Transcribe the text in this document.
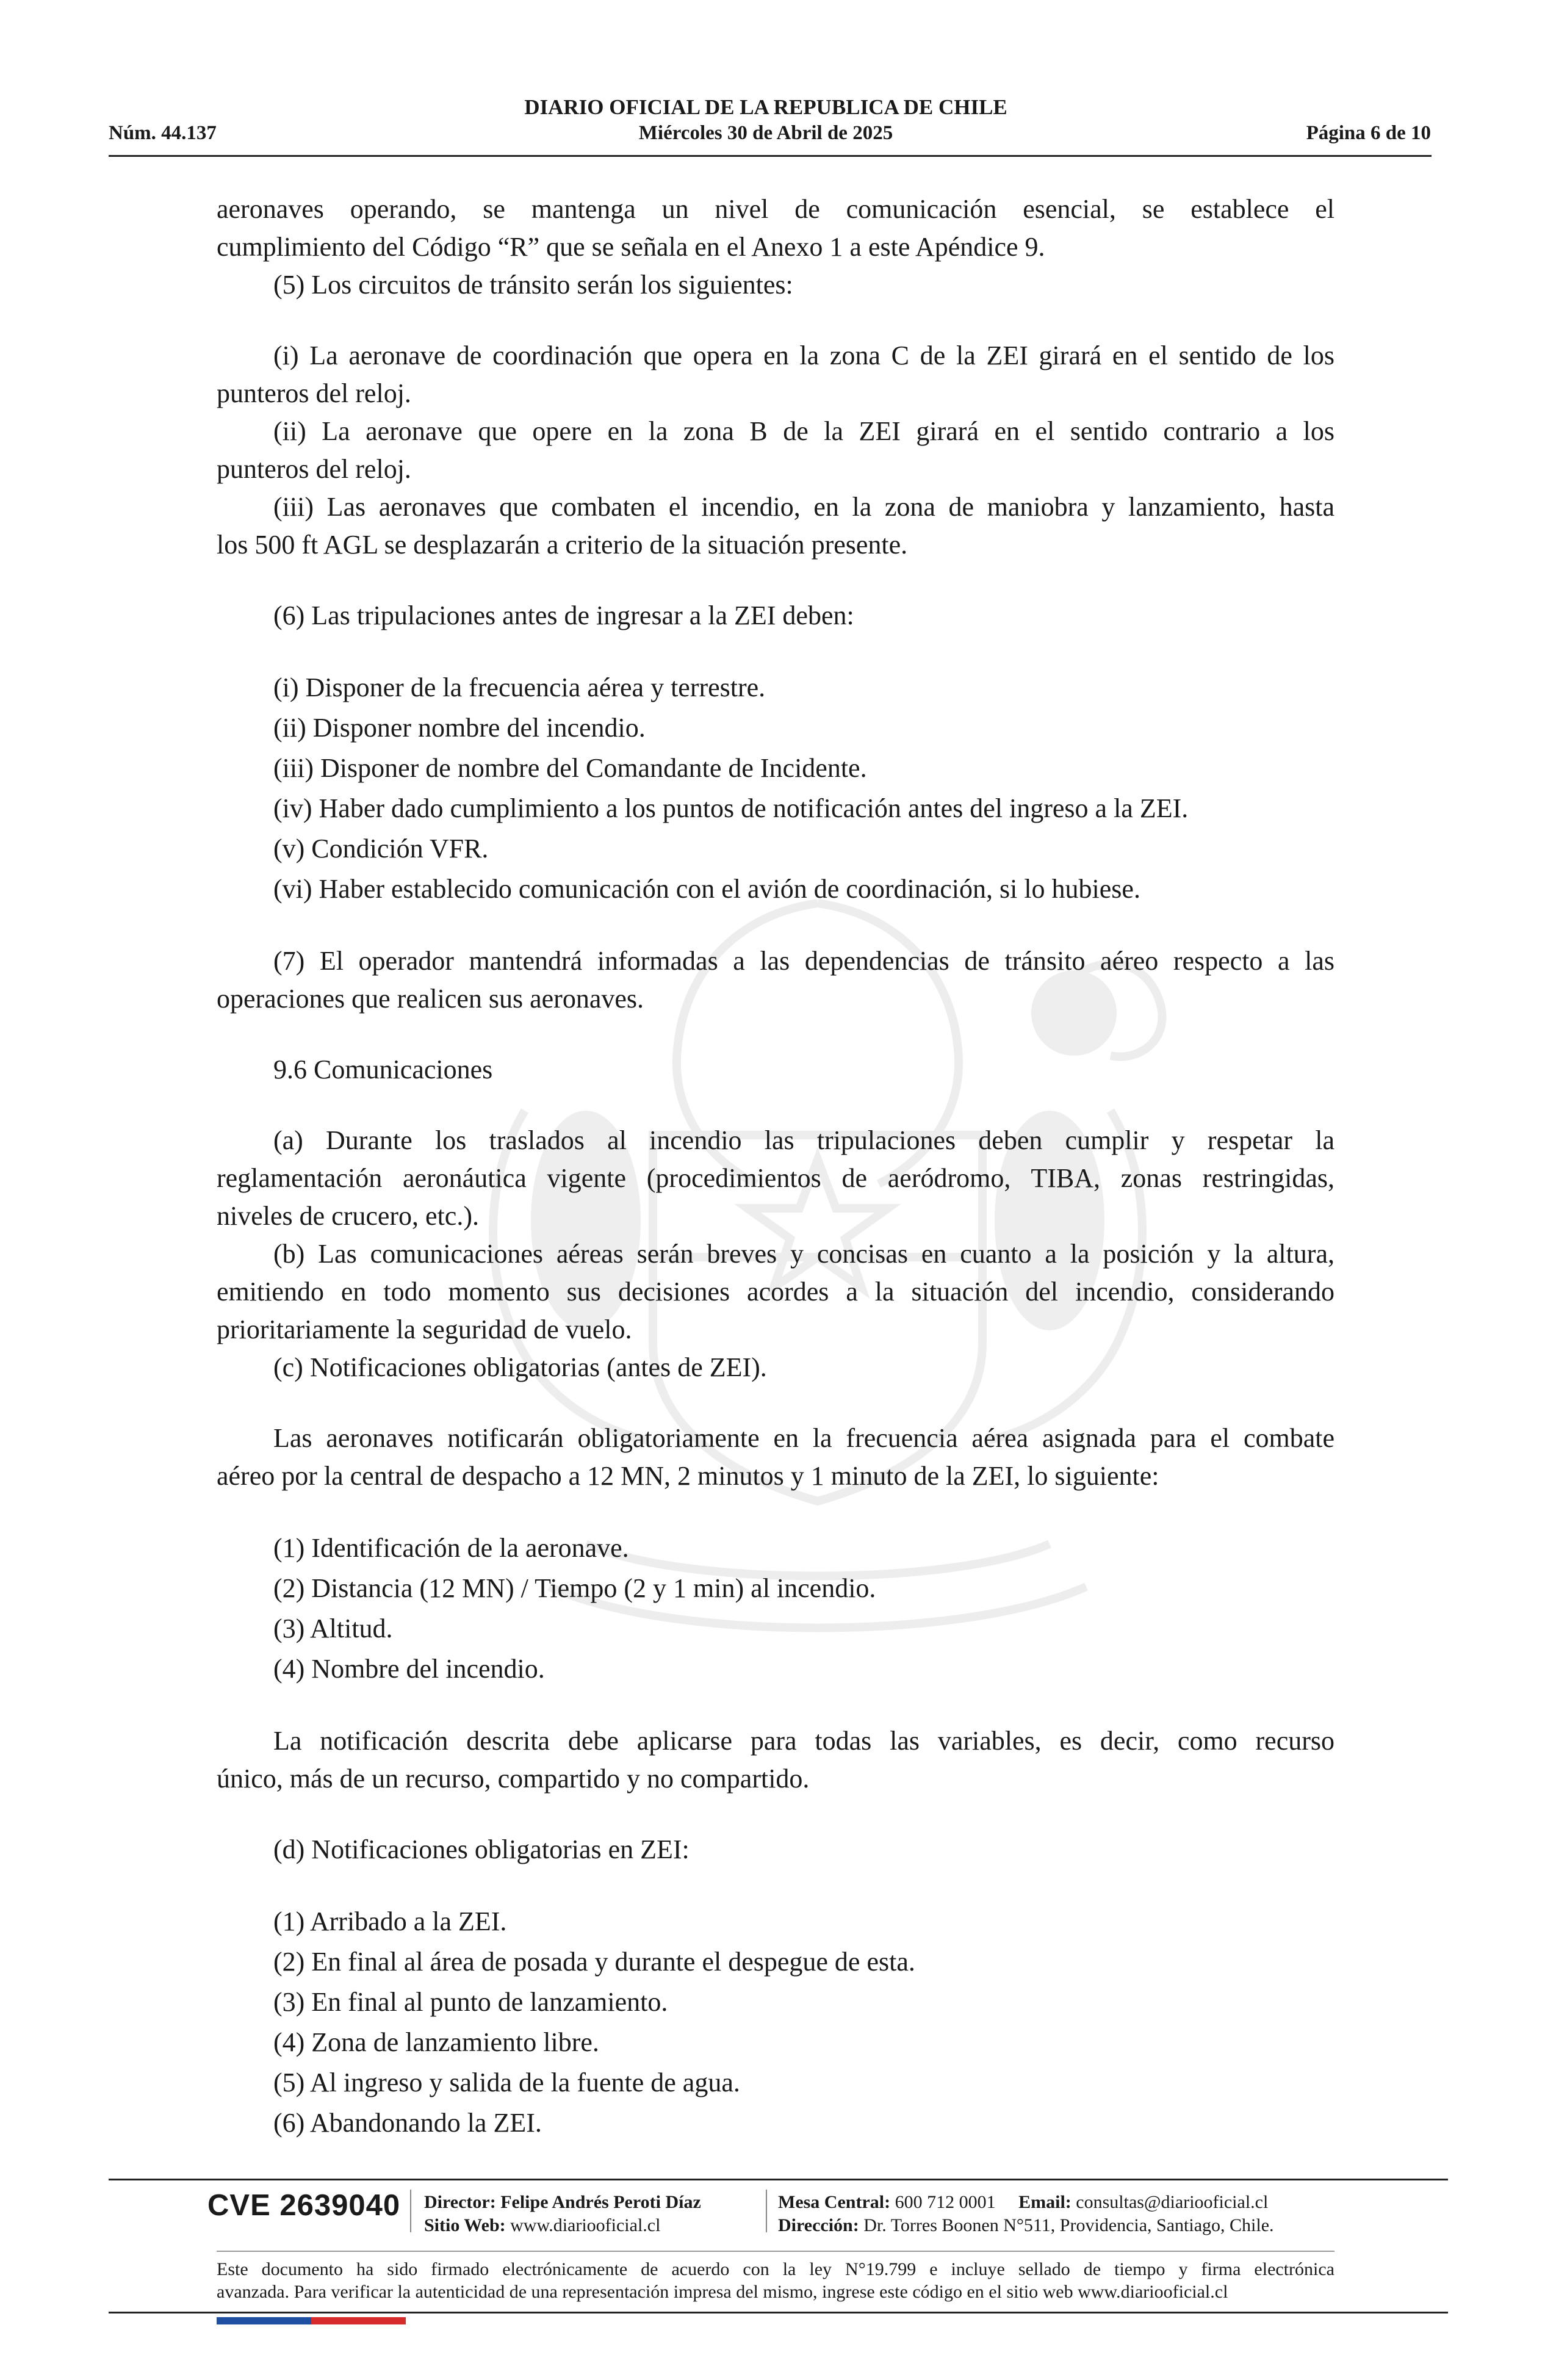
DIARIO OFICIAL DE LA REPUBLICA DE CHILE
Núm. 44.137	Miércoles 30 de Abril de 2025	Página 6 de 10

aeronaves operando, se mantenga un nivel de comunicación esencial, se establece el

cumplimiento del Código “R” que se señala en el Anexo 1 a este Apéndice 9.

(5) Los circuitos de tránsito serán los siguientes:

(i) La aeronave de coordinación que opera en la zona C de la ZEI girará en el sentido de los

punteros del reloj.

(ii) La aeronave que opere en la zona B de la ZEI girará en el sentido contrario a los

punteros del reloj.

(iii) Las aeronaves que combaten el incendio, en la zona de maniobra y lanzamiento, hasta

los 500 ft AGL se desplazarán a criterio de la situación presente.

(6) Las tripulaciones antes de ingresar a la ZEI deben:

(i) Disponer de la frecuencia aérea y terrestre.

(ii) Disponer nombre del incendio.

(iii) Disponer de nombre del Comandante de Incidente.

(iv) Haber dado cumplimiento a los puntos de notificación antes del ingreso a la ZEI.

(v) Condición VFR.

(vi) Haber establecido comunicación con el avión de coordinación, si lo hubiese.

(7) El operador mantendrá informadas a las dependencias de tránsito aéreo respecto a las

operaciones que realicen sus aeronaves.

9.6 Comunicaciones

(a) Durante los traslados al incendio las tripulaciones deben cumplir y respetar la

reglamentación aeronáutica vigente (procedimientos de aeródromo, TIBA, zonas restringidas,

niveles de crucero, etc.).

(b) Las comunicaciones aéreas serán breves y concisas en cuanto a la posición y la altura,

emitiendo en todo momento sus decisiones acordes a la situación del incendio, considerando

prioritariamente la seguridad de vuelo.

(c) Notificaciones obligatorias (antes de ZEI).

Las aeronaves notificarán obligatoriamente en la frecuencia aérea asignada para el combate

aéreo por la central de despacho a 12 MN, 2 minutos y 1 minuto de la ZEI, lo siguiente:

(1) Identificación de la aeronave.

(2) Distancia (12 MN) / Tiempo (2 y 1 min) al incendio.

(3) Altitud.

(4) Nombre del incendio.

La notificación descrita debe aplicarse para todas las variables, es decir, como recurso

único, más de un recurso, compartido y no compartido.

(d) Notificaciones obligatorias en ZEI:

(1) Arribado a la ZEI.

(2) En final al área de posada y durante el despegue de esta.

(3) En final al punto de lanzamiento.

(4) Zona de lanzamiento libre.

(5) Al ingreso y salida de la fuente de agua.

(6) Abandonando la ZEI.

CVE 2639040 Director: Felipe Andrés Peroti Díaz
Sitio Web: www.diariooficial.cl
Mesa Central: 600 712 0001 Email: consultas@diariooficial.cl
Dirección: Dr. Torres Boonen N°511, Providencia, Santiago, Chile.
Este documento ha sido firmado electrónicamente de acuerdo con la ley N°19.799 e incluye sellado de tiempo y firma electrónica
avanzada. Para verificar la autenticidad de una representación impresa del mismo, ingrese este código en el sitio web www.diariooficial.cl
